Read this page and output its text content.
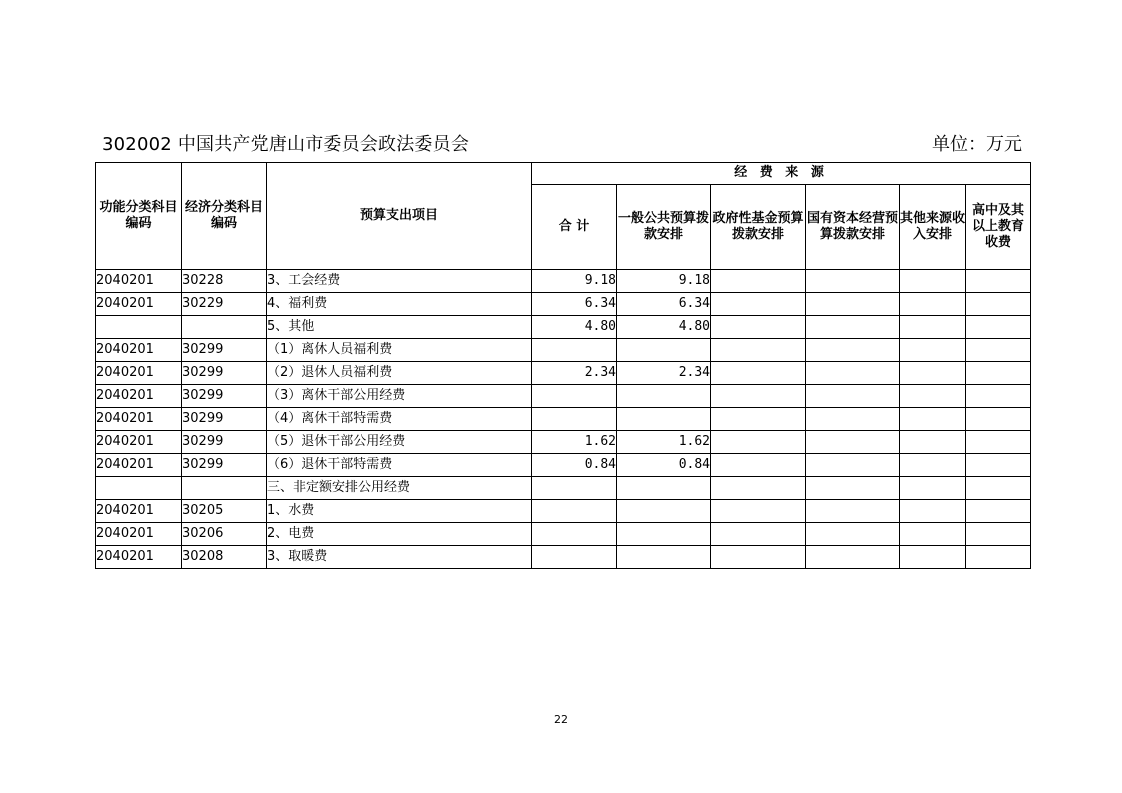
302002 中国共产党唐山市委员会政法委员会	单位：万元
功能分类科目编码	经济分类科目编码	预算支出项目	经 费 来 源					
			合 计	一般公共预算拨款安排	政府性基金预算拨款安排	国有资本经营预算拨款安排	其他来源收入安排	高中及其以上教育收费
2040201	30228	3、工会经费	9.18	9.18				
2040201	30229	4、福利费	6.34	6.34				
		5、其他	4.80	4.80				
2040201	30299	（1）离休人员福利费						
2040201	30299	（2）退休人员福利费	2.34	2.34				
2040201	30299	（3）离休干部公用经费						
2040201	30299	（4）离休干部特需费						
2040201	30299	（5）退休干部公用经费	1.62	1.62				
2040201	30299	（6）退休干部特需费	0.84	0.84				
		三、非定额安排公用经费						
2040201	30205	1、水费						
2040201	30206	2、电费						
2040201	30208	3、取暖费						
22
